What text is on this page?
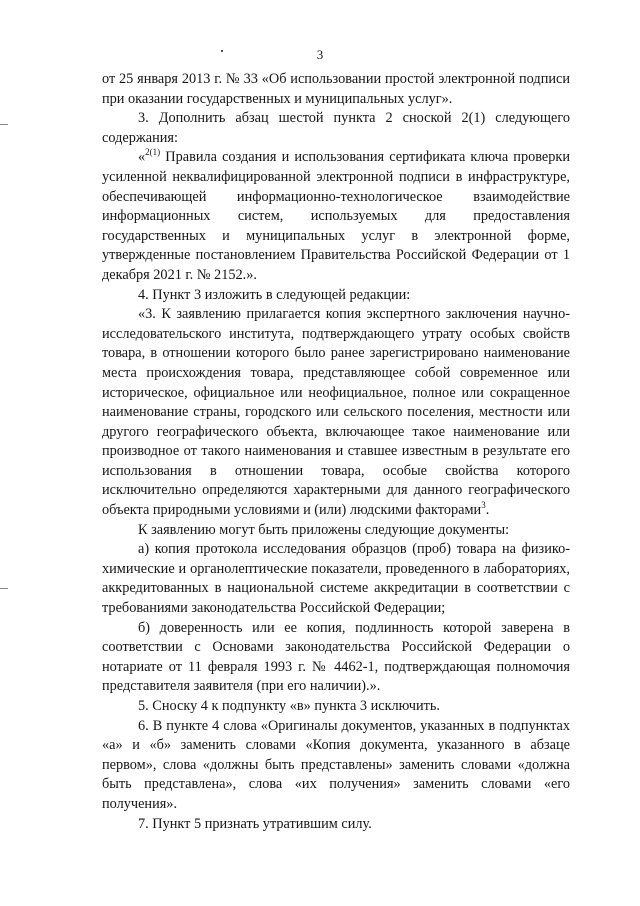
3

от 25 января 2013 г. № 33 «Об использовании простой электронной подписи при оказании государственных и муниципальных услуг».

3. Дополнить абзац шестой пункта 2 сноской 2(1) следующего содержания:

«$^{2(1)}$ Правила создания и использования сертификата ключа проверки усиленной неквалифицированной электронной подписи в инфраструктуре, обеспечивающей информационно-технологическое взаимодействие информационных систем, используемых для предоставления государственных и муниципальных услуг в электронной форме, утвержденные постановлением Правительства Российской Федерации от 1 декабря 2021 г. № 2152.».

4. Пункт 3 изложить в следующей редакции:

«3. К заявлению прилагается копия экспертного заключения научно-исследовательского института, подтверждающего утрату особых свойств товара, в отношении которого было ранее зарегистрировано наименование места происхождения товара, представляющее собой современное или историческое, официальное или неофициальное, полное или сокращенное наименование страны, городского или сельского поселения, местности или другого географического объекта, включающее такое наименование или производное от такого наименования и ставшее известным в результате его использования в отношении товара, особые свойства которого исключительно определяются характерными для данного географического объекта природными условиями и (или) людскими факторами$^3$.

К заявлению могут быть приложены следующие документы:

а) копия протокола исследования образцов (проб) товара на физико-химические и органолептические показатели, проведенного в лабораториях, аккредитованных в национальной системе аккредитации в соответствии с требованиями законодательства Российской Федерации;

б) доверенность или ее копия, подлинность которой заверена в соответствии с Основами законодательства Российской Федерации о нотариате от 11 февраля 1993 г. № 4462-1, подтверждающая полномочия представителя заявителя (при его наличии).».

5. Сноску 4 к подпункту «в» пункта 3 исключить.

6. В пункте 4 слова «Оригиналы документов, указанных в подпунктах «а» и «б» заменить словами «Копия документа, указанного в абзаце первом», слова «должны быть представлены» заменить словами «должна быть представлена», слова «их получения» заменить словами «его получения».

7. Пункт 5 признать утратившим силу.
